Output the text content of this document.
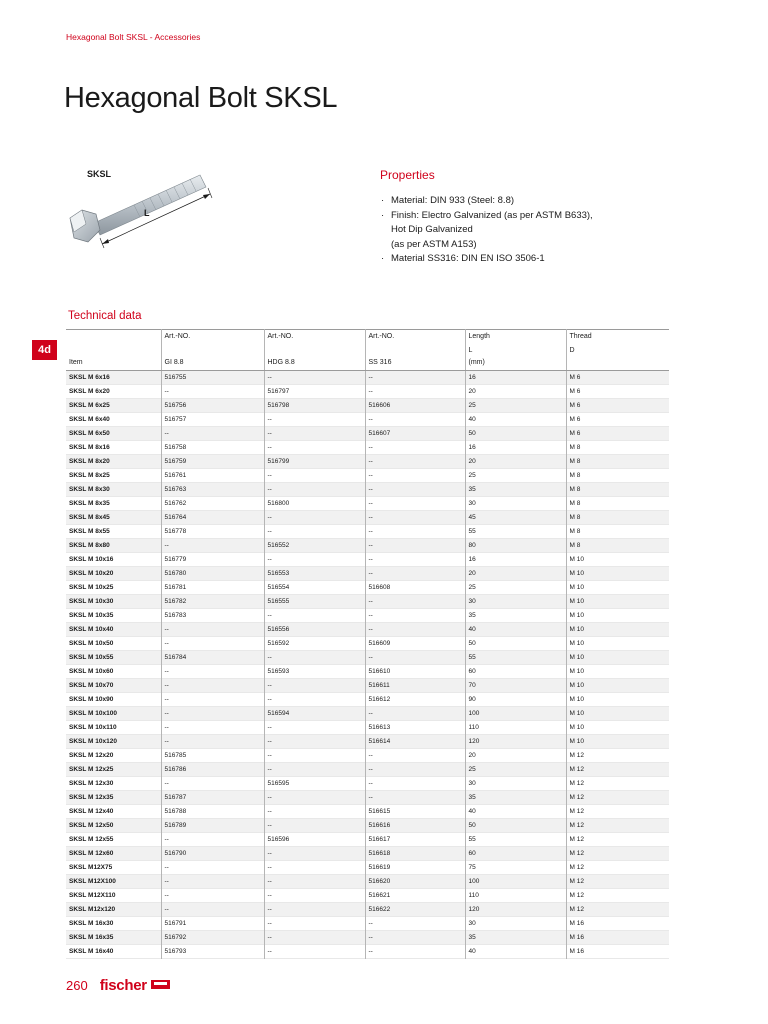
Hexagonal Bolt SKSL - Accessories
Hexagonal Bolt SKSL
SKSL
L
Properties
· Material: DIN 933 (Steel: 8.8)
· Finish: Electro Galvanized (as per ASTM B633),
Hot Dip Galvanized
(as per ASTM A153)
· Material SS316: DIN EN ISO 3506-1
Technical data
4d
	Art.-NO.	Art.-NO.	Art.-NO.	Length	Thread
				L	D
Item	GI 8.8	HDG 8.8	SS 316	(mm)	
SKSL M 6x16	516755	--	--	16	M 6
SKSL M 6x20	--	516797	--	20	M 6
SKSL M 6x25	516756	516798	516606	25	M 6
SKSL M 6x40	516757	--	--	40	M 6
SKSL M 6x50	--	--	516607	50	M 6
SKSL M 8x16	516758	--	--	16	M 8
SKSL M 8x20	516759	516799	--	20	M 8
SKSL M 8x25	516761	--	--	25	M 8
SKSL M 8x30	516763	--	--	35	M 8
SKSL M 8x35	516762	516800	--	30	M 8
SKSL M 8x45	516764	--	--	45	M 8
SKSL M 8x55	516778	--	--	55	M 8
SKSL M 8x80	--	516552	--	80	M 8
SKSL M 10x16	516779	--	--	16	M 10
SKSL M 10x20	516780	516553	--	20	M 10
SKSL M 10x25	516781	516554	516608	25	M 10
SKSL M 10x30	516782	516555	--	30	M 10
SKSL M 10x35	516783	--	--	35	M 10
SKSL M 10x40	--	516556	--	40	M 10
SKSL M 10x50	--	516592	516609	50	M 10
SKSL M 10x55	516784	--	--	55	M 10
SKSL M 10x60	--	516593	516610	60	M 10
SKSL M 10x70	--	--	516611	70	M 10
SKSL M 10x90	--	--	516612	90	M 10
SKSL M 10x100	--	516594	--	100	M 10
SKSL M 10x110	--	--	516613	110	M 10
SKSL M 10x120	--	--	516614	120	M 10
SKSL M 12x20	516785	--	--	20	M 12
SKSL M 12x25	516786	--	--	25	M 12
SKSL M 12x30	--	516595	--	30	M 12
SKSL M 12x35	516787	--	--	35	M 12
SKSL M 12x40	516788	--	516615	40	M 12
SKSL M 12x50	516789	--	516616	50	M 12
SKSL M 12x55	--	516596	516617	55	M 12
SKSL M 12x60	516790	--	516618	60	M 12
SKSL M12X75	--	--	516619	75	M 12
SKSL M12X100	--	--	516620	100	M 12
SKSL M12X110	--	--	516621	110	M 12
SKSL M12x120	--	--	516622	120	M 12
SKSL M 16x30	516791	--	--	30	M 16
SKSL M 16x35	516792	--	--	35	M 16
SKSL M 16x40	516793	--	--	40	M 16
260 fischer
